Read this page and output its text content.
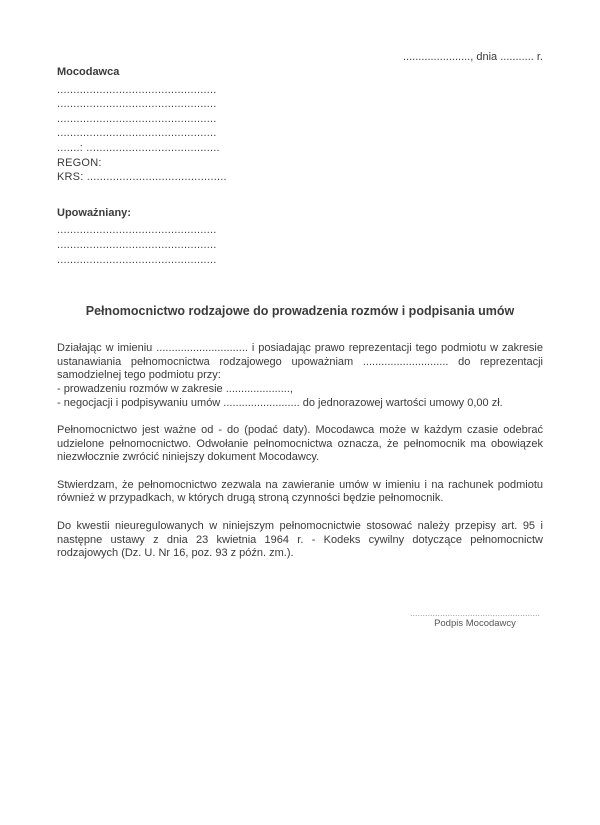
......................, dnia ........... r.
Mocodawca
.................................................
.................................................
.................................................
.................................................
.......: .........................................
REGON:
KRS: ...........................................
Upoważniany:
.................................................
.................................................
.................................................
Pełnomocnictwo rodzajowe do prowadzenia rozmów i podpisania umów

Działając w imieniu .............................. i posiadając prawo reprezentacji tego podmiotu w zakresie ustanawiania pełnomocnictwa rodzajowego upoważniam ............................ do reprezentacji samodzielnej tego podmiotu przy:

- prowadzeniu rozmów w zakresie .....................,
- negocjacji i podpisywaniu umów ......................... do jednorazowej wartości umowy 0,00 zł.

Pełnomocnictwo jest ważne od - do (podać daty). Mocodawca może w każdym czasie odebrać udzielone pełnomocnictwo. Odwołanie pełnomocnictwa oznacza, że pełnomocnik ma obowiązek niezwłocznie zwrócić niniejszy dokument Mocodawcy.

Stwierdzam, że pełnomocnictwo zezwala na zawieranie umów w imieniu i na rachunek podmiotu również w przypadkach, w których drugą stroną czynności będzie pełnomocnik.

Do kwestii nieuregulowanych w niniejszym pełnomocnictwie stosować należy przepisy art. 95 i następne ustawy z dnia 23 kwietnia 1964 r. - Kodeks cywilny dotyczące pełnomocnictw rodzajowych (Dz. U. Nr 16, poz. 93 z późn. zm.).

....................................................
Podpis Mocodawcy
